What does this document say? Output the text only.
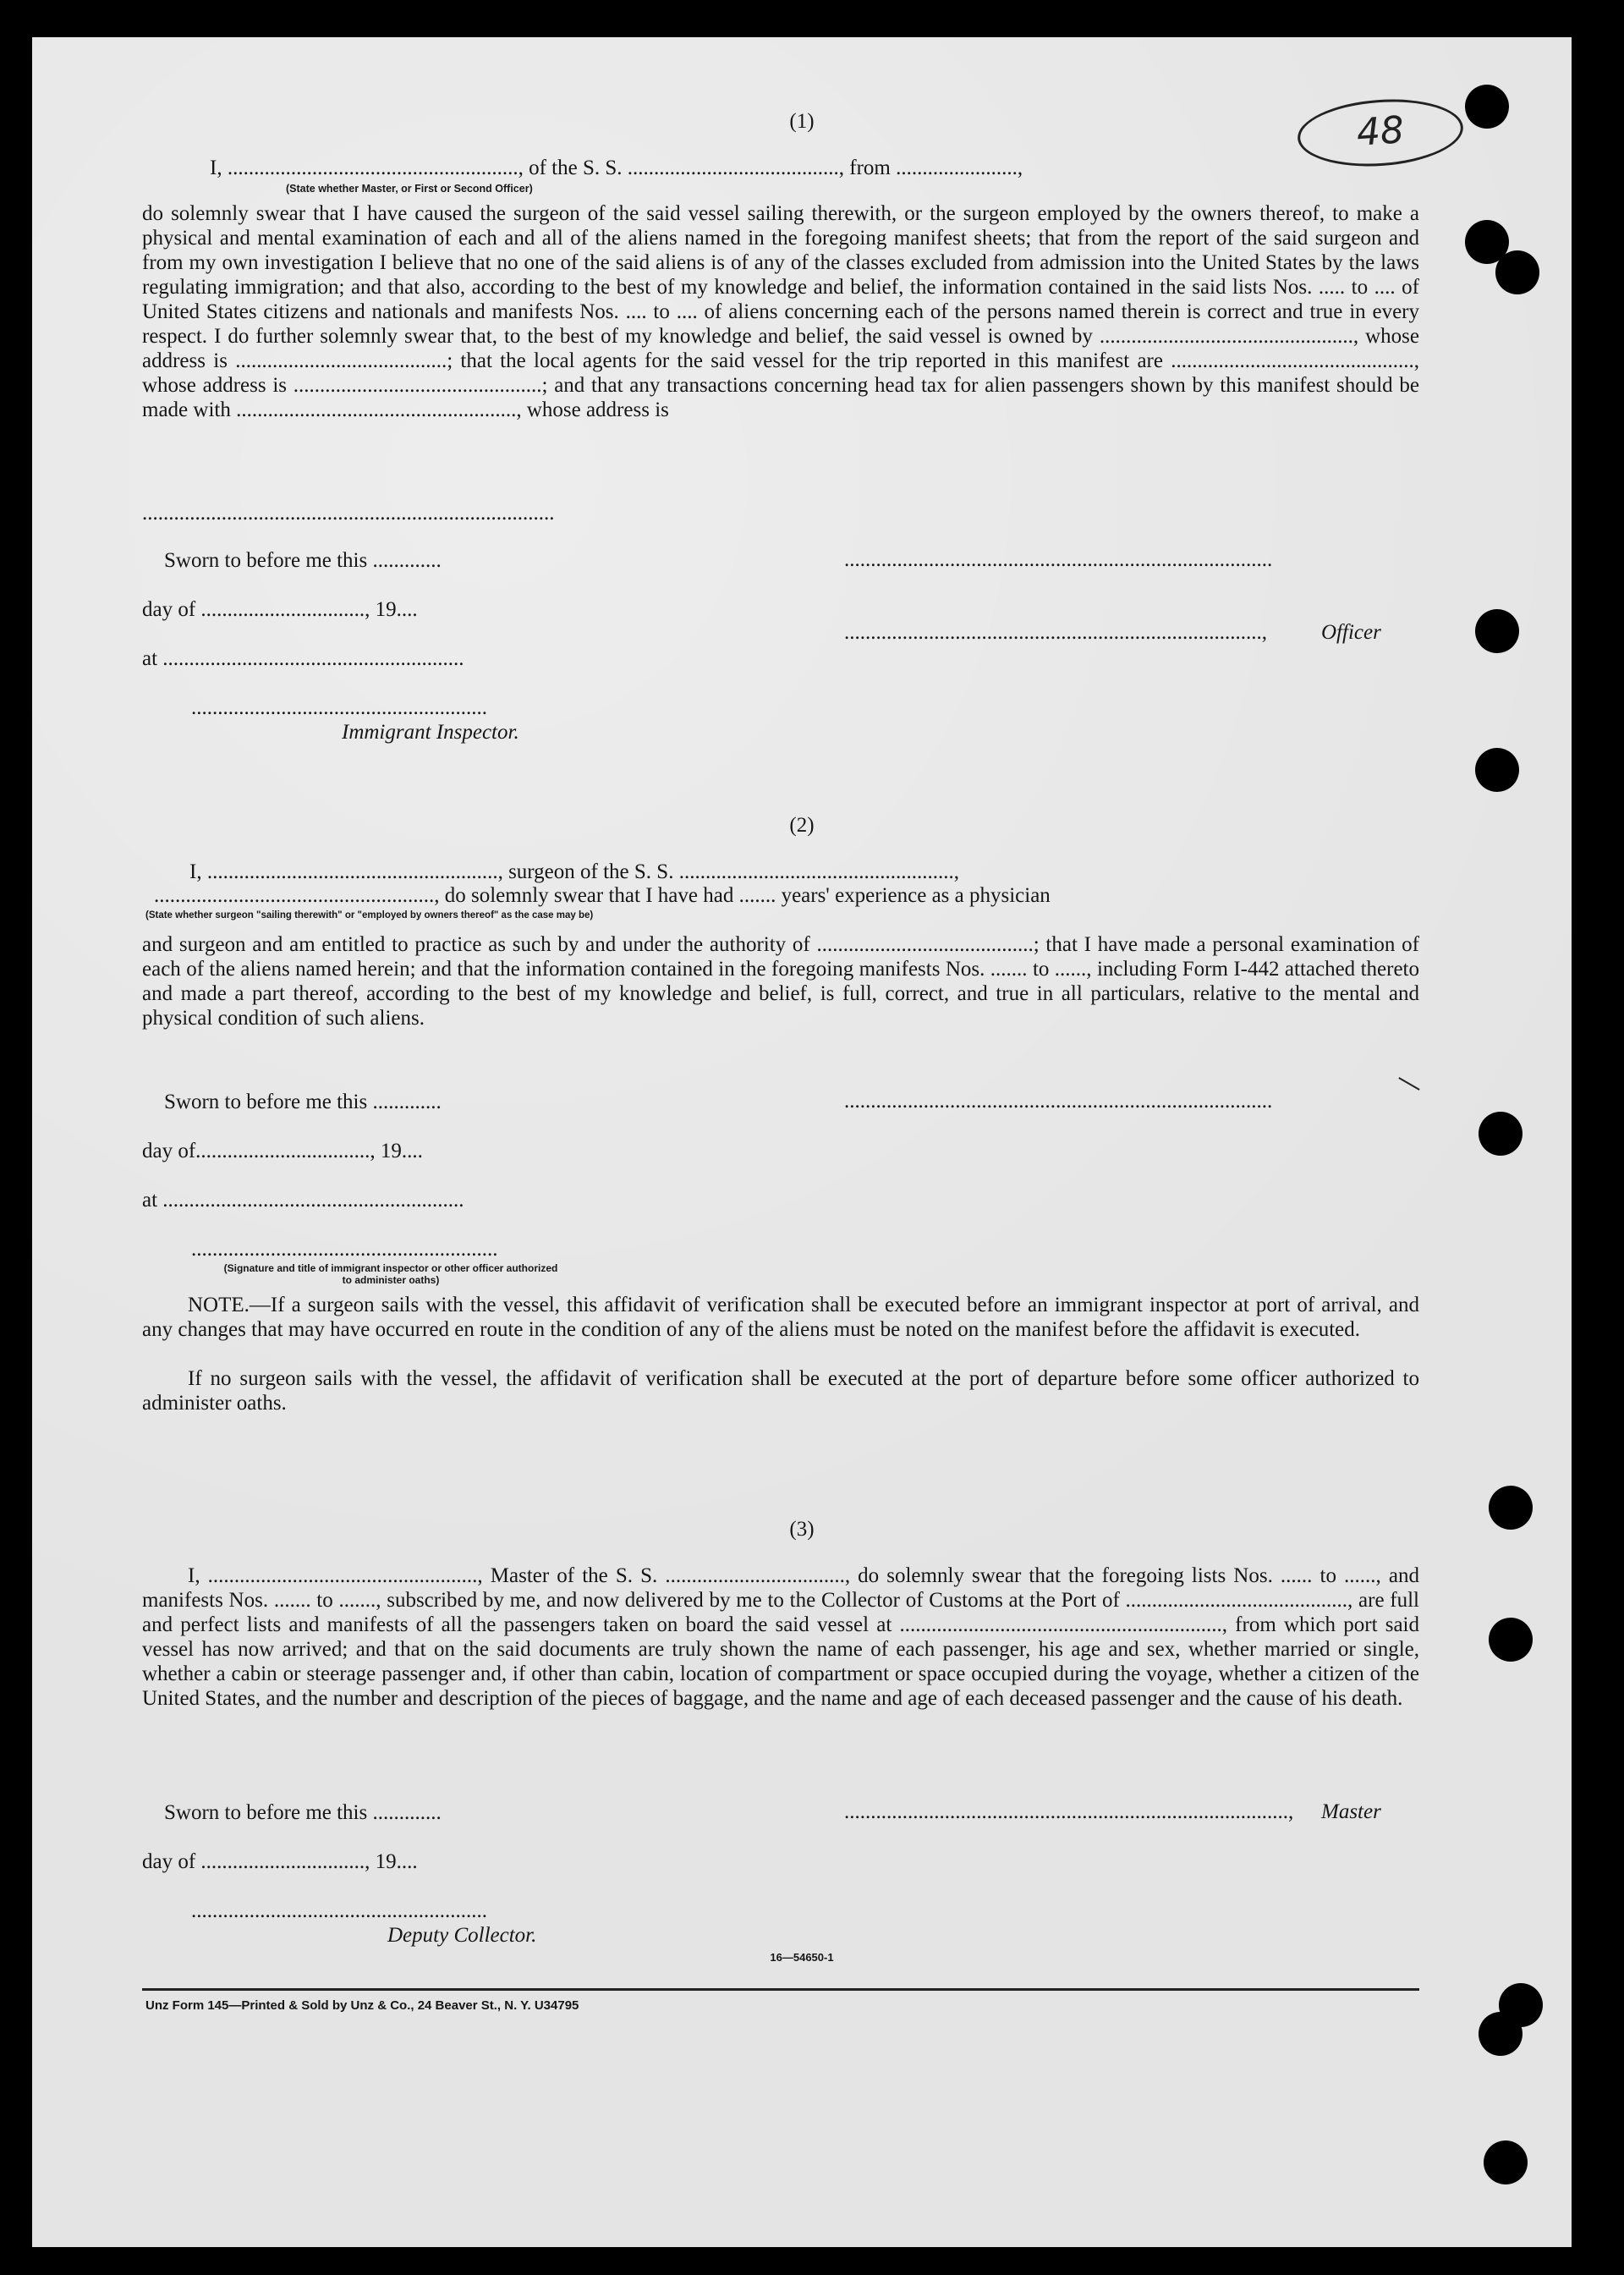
48
(1)
I, ......................................................., of the S. S. ........................................, from .......................,
(State whether Master, or First or Second Officer)
do solemnly swear that I have caused the surgeon of the said vessel sailing therewith, or the surgeon employed by the owners thereof, to make a physical and mental examination of each and all of the aliens named in the foregoing manifest sheets; that from the report of the said surgeon and from my own investigation I believe that no one of the said aliens is of any of the classes excluded from admission into the United States by the laws regulating immigration; and that also, according to the best of my knowledge and belief, the information contained in the said lists Nos. ..... to .... of United States citizens and nationals and manifests Nos. .... to .... of aliens concerning each of the persons named therein is correct and true in every respect. I do further solemnly swear that, to the best of my knowledge and belief, the said vessel is owned by ................................................, whose address is ........................................; that the local agents for the said vessel for the trip reported in this manifest are .............................................., whose address is ...............................................; and that any transactions concerning head tax for alien passengers shown by this manifest should be made with ....................................................., whose address is
..............................................................................
Sworn to before me this .............	.................................................................................
day of ..............................., 19....
...............................................................................,	Officer
at .........................................................
........................................................
Immigrant Inspector.
(2)
I, ......................................................., surgeon of the S. S. ....................................................,
....................................................., do solemnly swear that I have had ....... years' experience as a physician
(State whether surgeon "sailing therewith" or "employed by owners thereof" as the case may be)
and surgeon and am entitled to practice as such by and under the authority of .........................................; that I have made a personal examination of each of the aliens named herein; and that the information contained in the foregoing manifests Nos. ....... to ......, including Form I-442 attached thereto and made a part thereof, according to the best of my knowledge and belief, is full, correct, and true in all particulars, relative to the mental and physical condition of such aliens.
Sworn to before me this .............	.................................................................................
day of................................., 19....
at .........................................................
..........................................................
(Signature and title of immigrant inspector or other officer authorized to administer oaths)
NOTE.—If a surgeon sails with the vessel, this affidavit of verification shall be executed before an immigrant inspector at port of arrival, and any changes that may have occurred en route in the condition of any of the aliens must be noted on the manifest before the affidavit is executed.
If no surgeon sails with the vessel, the affidavit of verification shall be executed at the port of departure before some officer authorized to administer oaths.
(3)
I, ..................................................., Master of the S. S. .................................., do solemnly swear that the foregoing lists Nos. ...... to ......, and manifests Nos. ....... to ......., subscribed by me, and now delivered by me to the Collector of Customs at the Port of .........................................., are full and perfect lists and manifests of all the passengers taken on board the said vessel at ............................................................., from which port said vessel has now arrived; and that on the said documents are truly shown the name of each passenger, his age and sex, whether married or single, whether a cabin or steerage passenger and, if other than cabin, location of compartment or space occupied during the voyage, whether a citizen of the United States, and the number and description of the pieces of baggage, and the name and age of each deceased passenger and the cause of his death.
Sworn to before me this .............	....................................................................................,	Master
day of ..............................., 19....
........................................................
Deputy Collector.
16—54650-1
Unz Form 145—Printed & Sold by Unz & Co., 24 Beaver St., N. Y. U34795
